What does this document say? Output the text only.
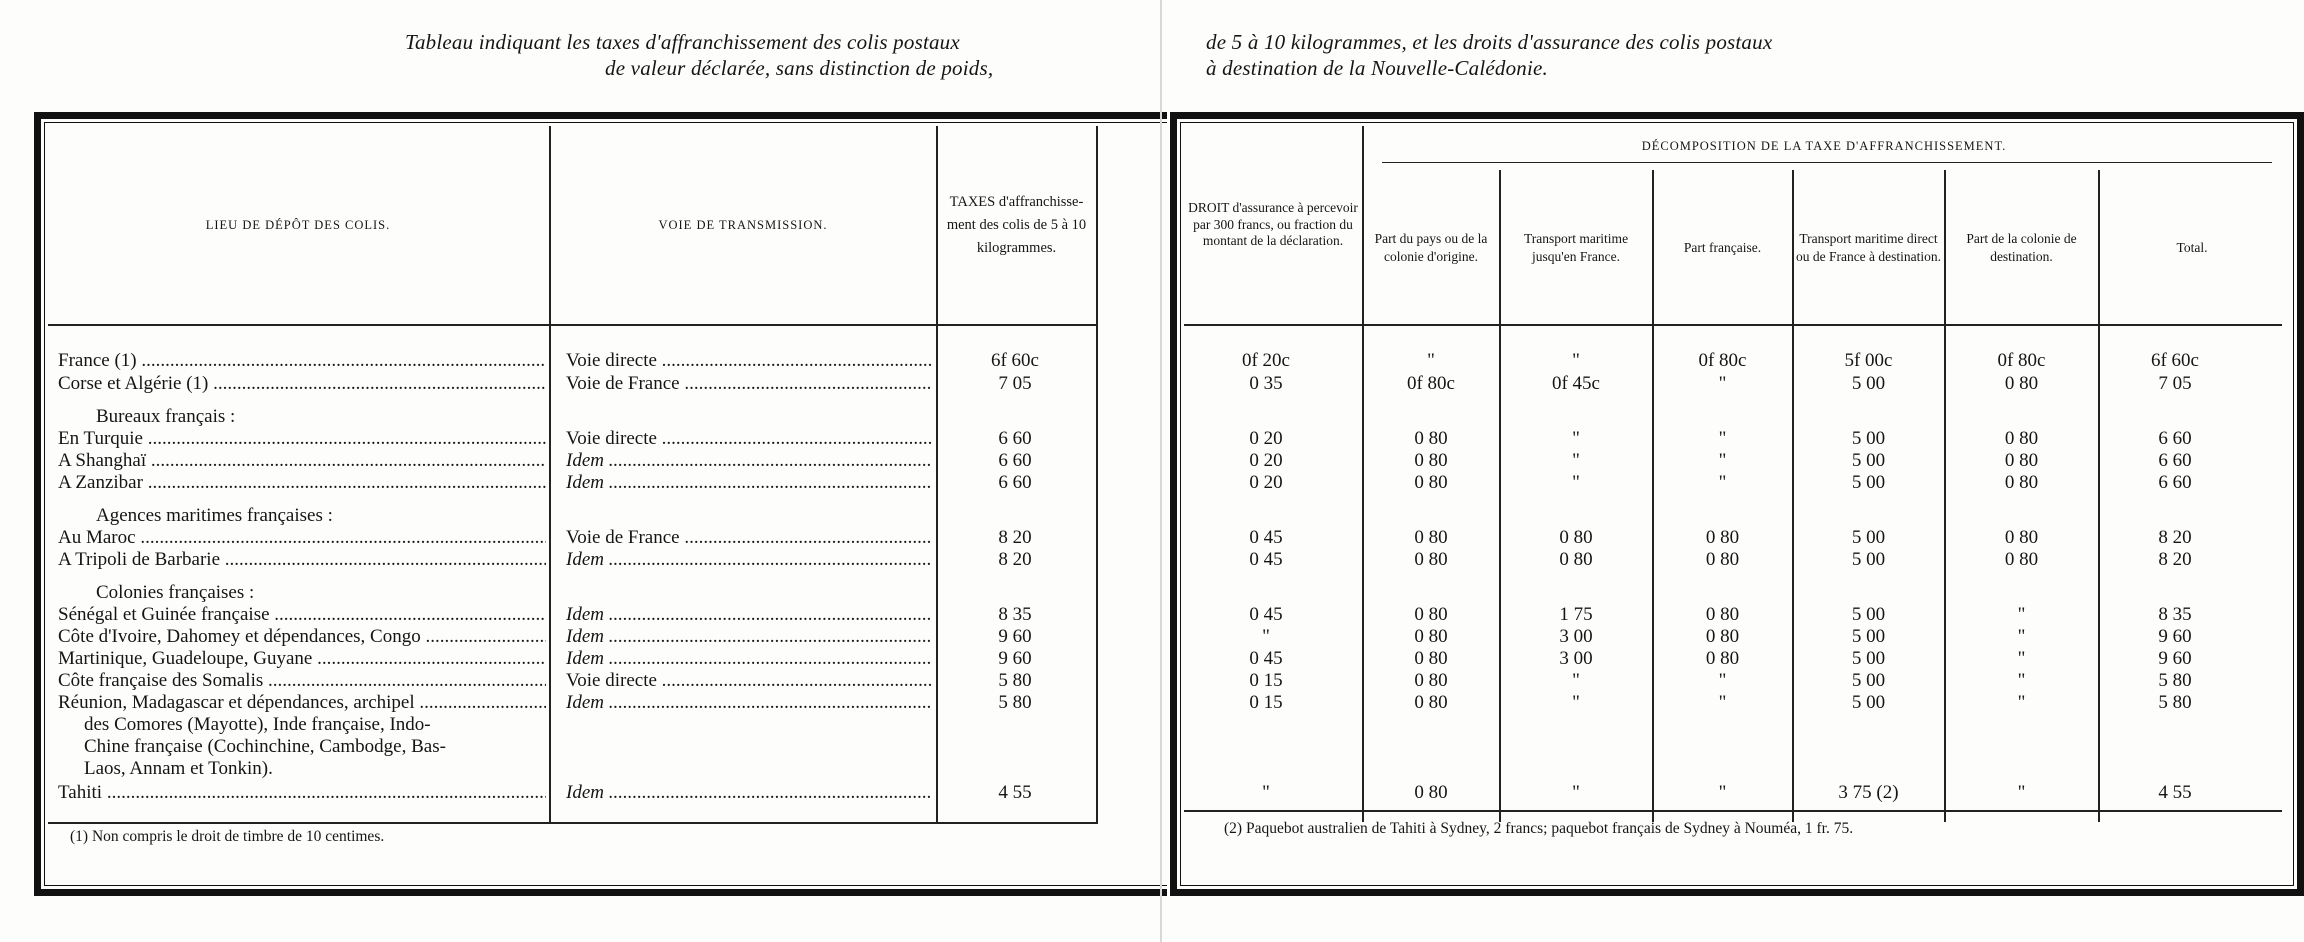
Tableau indiquant les taxes d'affranchissement des colis postaux
de valeur déclarée, sans distinction de poids,
LIEU DE DÉPÔT DES COLIS.	VOIE DE TRANSMISSION.
TAXES d'affranchisse- ment des colis de 5 à 10 kilogrammes.
France (1) .....	Voie directe .....	6f 60c
Corse et Algérie (1) .....	Voie de France .....	7 05
Bureaux français :
En Turquie .....	Voie directe .....	6 60
A Shanghaï .....	Idem .....	6 60
A Zanzibar .....	Idem .....	6 60
Agences maritimes françaises :
Au Maroc .....	Voie de France .....	8 20
A Tripoli de Barbarie .....	Idem .....	8 20
Colonies françaises :
Sénégal et Guinée française .....	Idem .....	8 35
Côte d'Ivoire, Dahomey et dépendances, Congo .....	Idem .....	9 60
Martinique, Guadeloupe, Guyane .....	Idem .....	9 60
Côte française des Somalis .....	Voie directe .....	5 80
Réunion, Madagascar et dépendances, archipel .....	Idem .....	5 80
des Comores (Mayotte), Inde française, Indo-
Chine française (Cochinchine, Cambodge, Bas-
Laos, Annam et Tonkin).
Tahiti .....	Idem .....	4 55
(1) Non compris le droit de timbre de 10 centimes.
de 5 à 10 kilogrammes, et les droits d'assurance des colis postaux
à destination de la Nouvelle-Calédonie.
DROIT d'assurance à percevoir par 300 francs, ou fraction du montant de la déclaration.
DÉCOMPOSITION DE LA TAXE D'AFFRANCHISSEMENT.
Part du pays ou de la colonie d'origine.
Transport maritime jusqu'en France.
Part française.
Transport maritime direct ou de France à destination.
Part de la colonie de destination.
Total.
0f 20c	"	"	0f 80c	5f 00c	0f 80c	6f 60c
0 35	0f 80c	0f 45c	"	5 00	0 80	7 05
0 20	0 80	"	"	5 00	0 80	6 60
0 20	0 80	"	"	5 00	0 80	6 60
0 20	0 80	"	"	5 00	0 80	6 60
0 45	0 80	0 80	0 80	5 00	0 80	8 20
0 45	0 80	0 80	0 80	5 00	0 80	8 20
0 45	0 80	1 75	0 80	5 00	"	8 35
"	0 80	3 00	0 80	5 00	"	9 60
0 45	0 80	3 00	0 80	5 00	"	9 60
0 15	0 80	"	"	5 00	"	5 80
0 15	0 80	"	"	5 00	"	5 80
"	0 80	"	"	3 75 (2)	"	4 55
(2) Paquebot australien de Tahiti à Sydney, 2 francs; paquebot français de Sydney à Nouméa, 1 fr. 75.
